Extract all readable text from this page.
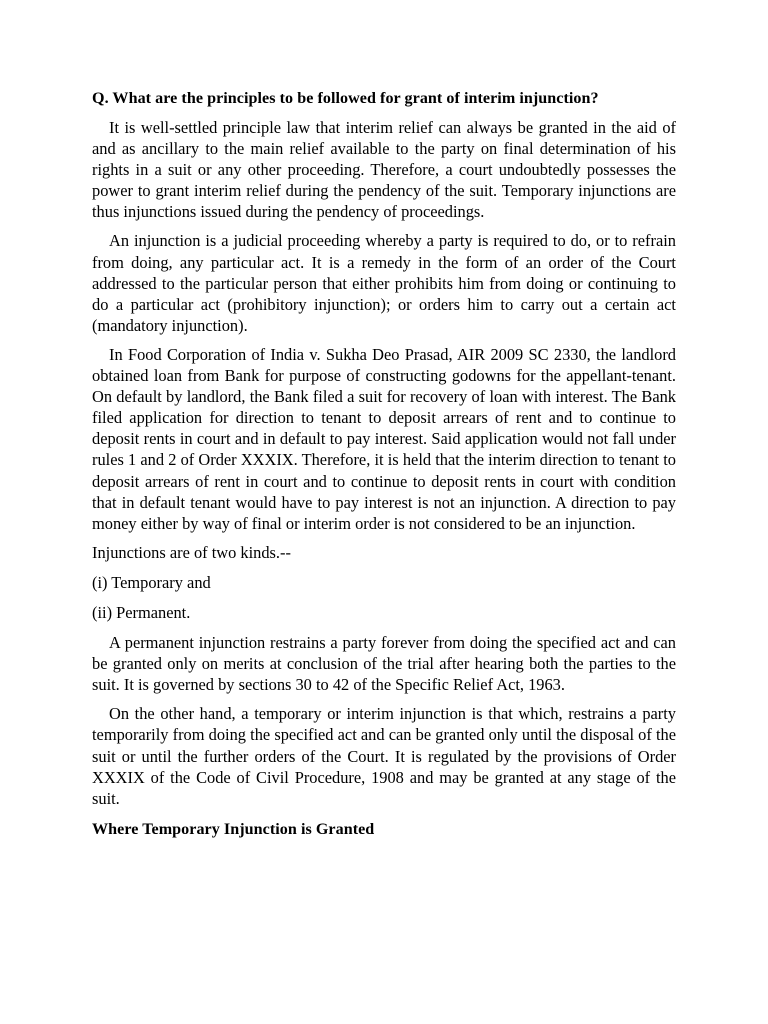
Q. What are the principles to be followed for grant of interim injunction?

It is well-settled principle law that interim relief can always be granted in the aid of and as ancillary to the main relief available to the party on final determination of his rights in a suit or any other proceeding. Therefore, a court undoubtedly possesses the power to grant interim relief during the pendency of the suit. Temporary injunctions are thus injunctions issued during the pendency of proceedings.

An injunction is a judicial proceeding whereby a party is required to do, or to refrain from doing, any particular act. It is a remedy in the form of an order of the Court addressed to the particular person that either prohibits him from doing or continuing to do a particular act (prohibitory injunction); or orders him to carry out a certain act (mandatory injunction).

In Food Corporation of India v. Sukha Deo Prasad, AIR 2009 SC 2330, the landlord obtained loan from Bank for purpose of constructing godowns for the appellant-tenant. On default by landlord, the Bank filed a suit for recovery of loan with interest. The Bank filed application for direction to tenant to deposit arrears of rent and to continue to deposit rents in court and in default to pay interest. Said application would not fall under rules 1 and 2 of Order XXXIX. Therefore, it is held that the interim direction to tenant to deposit arrears of rent in court and to continue to deposit rents in court with condition that in default tenant would have to pay interest is not an injunction. A direction to pay money either by way of final or interim order is not considered to be an injunction.

Injunctions are of two kinds.--

(i) Temporary and

(ii) Permanent.

A permanent injunction restrains a party forever from doing the specified act and can be granted only on merits at conclusion of the trial after hearing both the parties to the suit. It is governed by sections 30 to 42 of the Specific Relief Act, 1963.

On the other hand, a temporary or interim injunction is that which, restrains a party temporarily from doing the specified act and can be granted only until the disposal of the suit or until the further orders of the Court. It is regulated by the provisions of Order XXXIX of the Code of Civil Procedure, 1908 and may be granted at any stage of the suit.

Where Temporary Injunction is Granted
